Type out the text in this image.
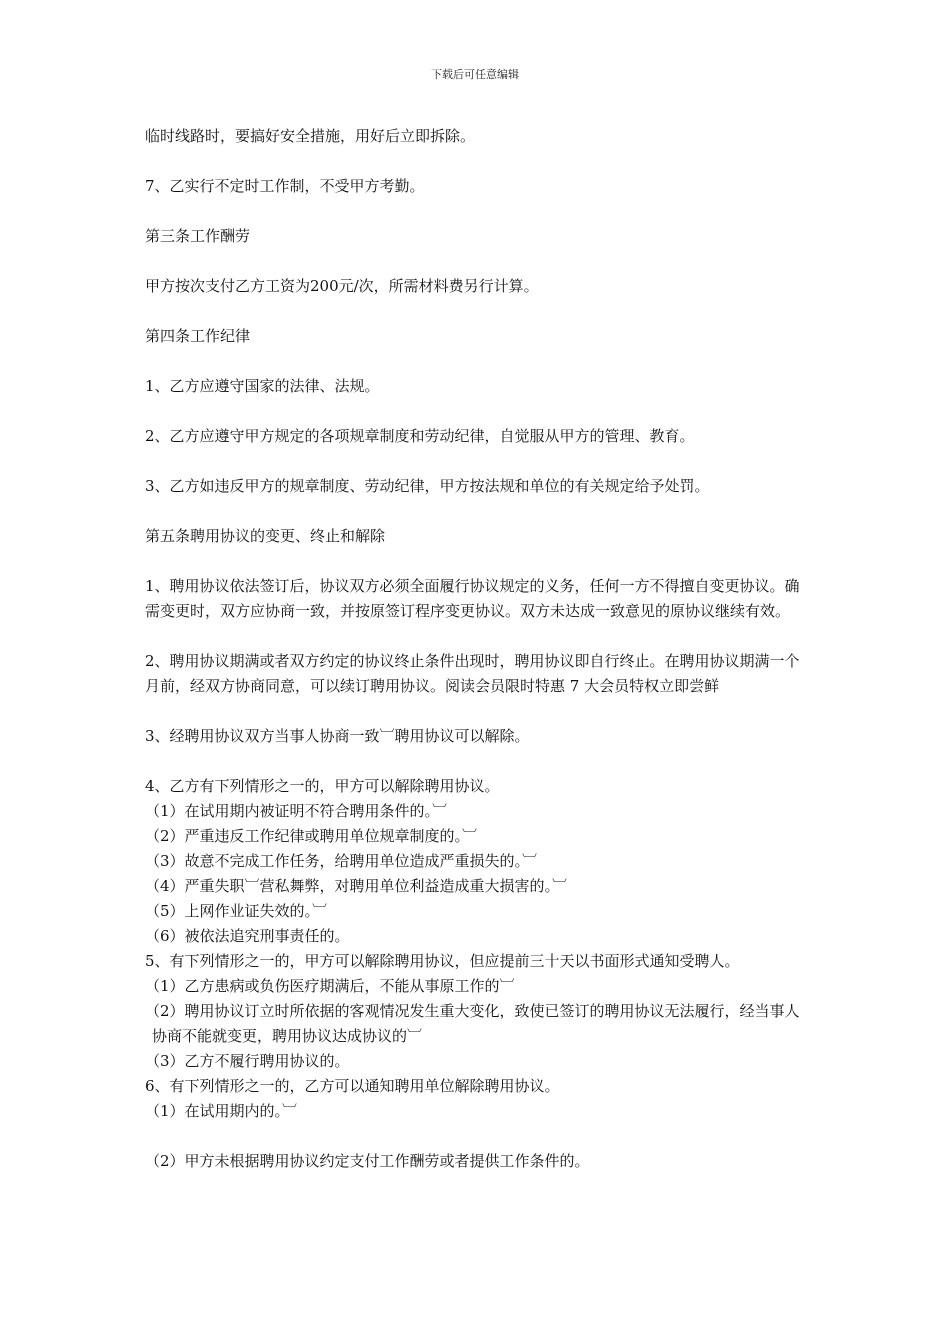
下载后可任意编辑

临时线路时，要搞好安全措施，用好后立即拆除。

7、乙实行不定时工作制，不受甲方考勤。

第三条工作酬劳

甲方按次支付乙方工资为200元/次，所需材料费另行计算。

第四条工作纪律

1、乙方应遵守国家的法律、法规。

2、乙方应遵守甲方规定的各项规章制度和劳动纪律，自觉服从甲方的管理、教育。

3、乙方如违反甲方的规章制度、劳动纪律，甲方按法规和单位的有关规定给予处罚。

第五条聘用协议的变更、终止和解除

1、聘用协议依法签订后，协议双方必须全面履行协议规定的义务，任何一方不得擅自变更协议。确需变更时，双方应协商一致，并按原签订程序变更协议。双方未达成一致意见的原协议继续有效。

2、聘用协议期满或者双方约定的协议终止条件出现时，聘用协议即自行终止。在聘用协议期满一个月前，经双方协商同意，可以续订聘用协议。阅读会员限时特惠 7 大会员特权立即尝鲜

3、经聘用协议双方当事人协商一致︺聘用协议可以解除。

4、乙方有下列情形之一的，甲方可以解除聘用协议。

（1）在试用期内被证明不符合聘用条件的。︺

（2）严重违反工作纪律或聘用单位规章制度的。︺

（3）故意不完成工作任务，给聘用单位造成严重损失的。︺

（4）严重失职︺营私舞弊，对聘用单位利益造成重大损害的。︺

（5）上网作业证失效的。︺

（6）被依法追究刑事责任的。

5、有下列情形之一的，甲方可以解除聘用协议，但应提前三十天以书面形式通知受聘人。

（1）乙方患病或负伤医疗期满后，不能从事原工作的︺

（2）聘用协议订立时所依据的客观情况发生重大变化，致使已签订的聘用协议无法履行，经当事人协商不能就变更，聘用协议达成协议的︺

（3）乙方不履行聘用协议的。

6、有下列情形之一的，乙方可以通知聘用单位解除聘用协议。

（1）在试用期内的。︺

（2）甲方未根据聘用协议约定支付工作酬劳或者提供工作条件的。
